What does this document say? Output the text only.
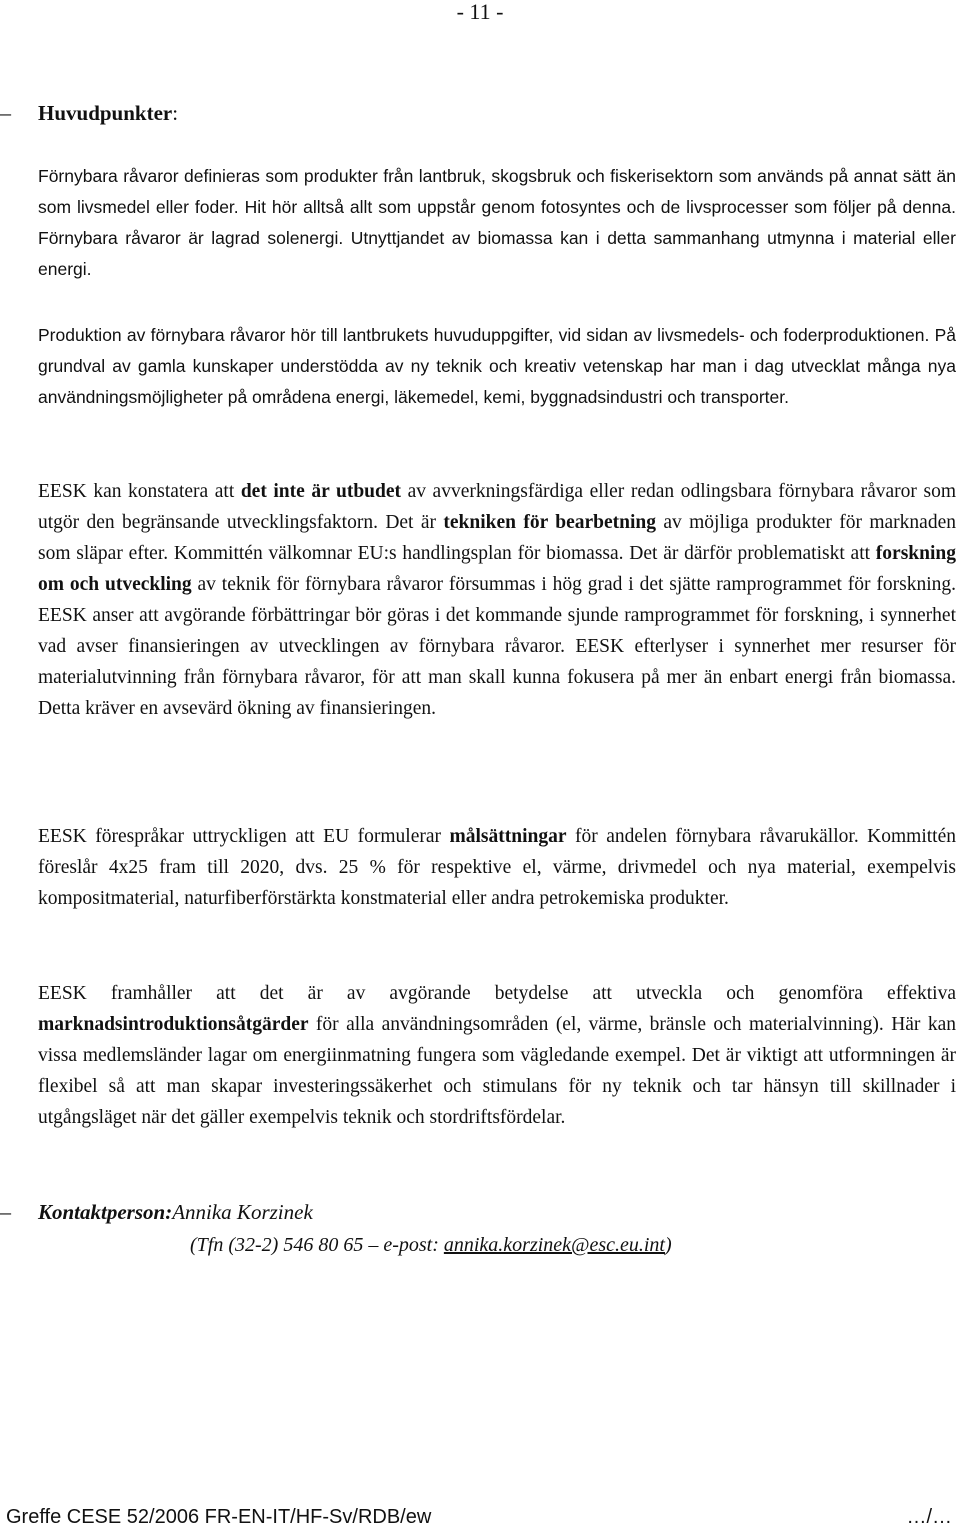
- 11 -
–	Huvudpunkter :

Förnybara råvaror definieras som produkter från lantbruk, skogsbruk och fiskerisektorn som används på annat sätt än som livsmedel eller foder. Hit hör alltså allt som uppstår genom fotosyntes och de livsprocesser som följer på denna. Förnybara råvaror är lagrad solenergi. Utnyttjandet av biomassa kan i detta sammanhang utmynna i material eller energi.

Produktion av förnybara råvaror hör till lantbrukets huvuduppgifter, vid sidan av livsmedels- och foderproduktionen. På grundval av gamla kunskaper understödda av ny teknik och kreativ vetenskap har man i dag utvecklat många nya användningsmöjligheter på områdena energi, läkemedel, kemi, byggnadsindustri och transporter.

EESK kan konstatera att det inte är utbudet av avverkningsfärdiga eller redan odlingsbara förnybara råvaror som utgör den begränsande utvecklingsfaktorn. Det är tekniken för bearbetning av möjliga produkter för marknaden som släpar efter. Kommittén välkomnar EU:s handlingsplan för biomassa. Det är därför problematiskt att forskning om och utveckling av teknik för förnybara råvaror försummas i hög grad i det sjätte ramprogrammet för forskning. EESK anser att avgörande förbättringar bör göras i det kommande sjunde ramprogrammet för forskning, i synnerhet vad avser finansieringen av utvecklingen av förnybara råvaror. EESK efterlyser i synnerhet mer resurser för materialutvinning från förnybara råvaror, för att man skall kunna fokusera på mer än enbart energi från biomassa. Detta kräver en avsevärd ökning av finansieringen.

EESK förespråkar uttryckligen att EU formulerar målsättningar för andelen förnybara råvarukällor. Kommittén föreslår 4x25 fram till 2020, dvs. 25 % för respektive el, värme, drivmedel och nya material, exempelvis kompositmaterial, naturfiberförstärkta konstmaterial eller andra petrokemiska produkter.

EESK framhåller att det är av avgörande betydelse att utveckla och genomföra effektiva marknadsintroduktionsåtgärder för alla användningsområden (el, värme, bränsle och materialvinning). Här kan vissa medlemsländer lagar om energiinmatning fungera som vägledande exempel. Det är viktigt att utformningen är flexibel så att man skapar investeringssäkerhet och stimulans för ny teknik och tar hänsyn till skillnader i utgångsläget när det gäller exempelvis teknik och stordriftsfördelar.

–	Kontaktperson: Annika Korzinek
(Tfn (32-2) 546 80 65 – e-post: annika.korzinek@esc.eu.int)
Greffe CESE 52/2006 FR-EN-IT/HF-Sv/RDB/ew	…/…
